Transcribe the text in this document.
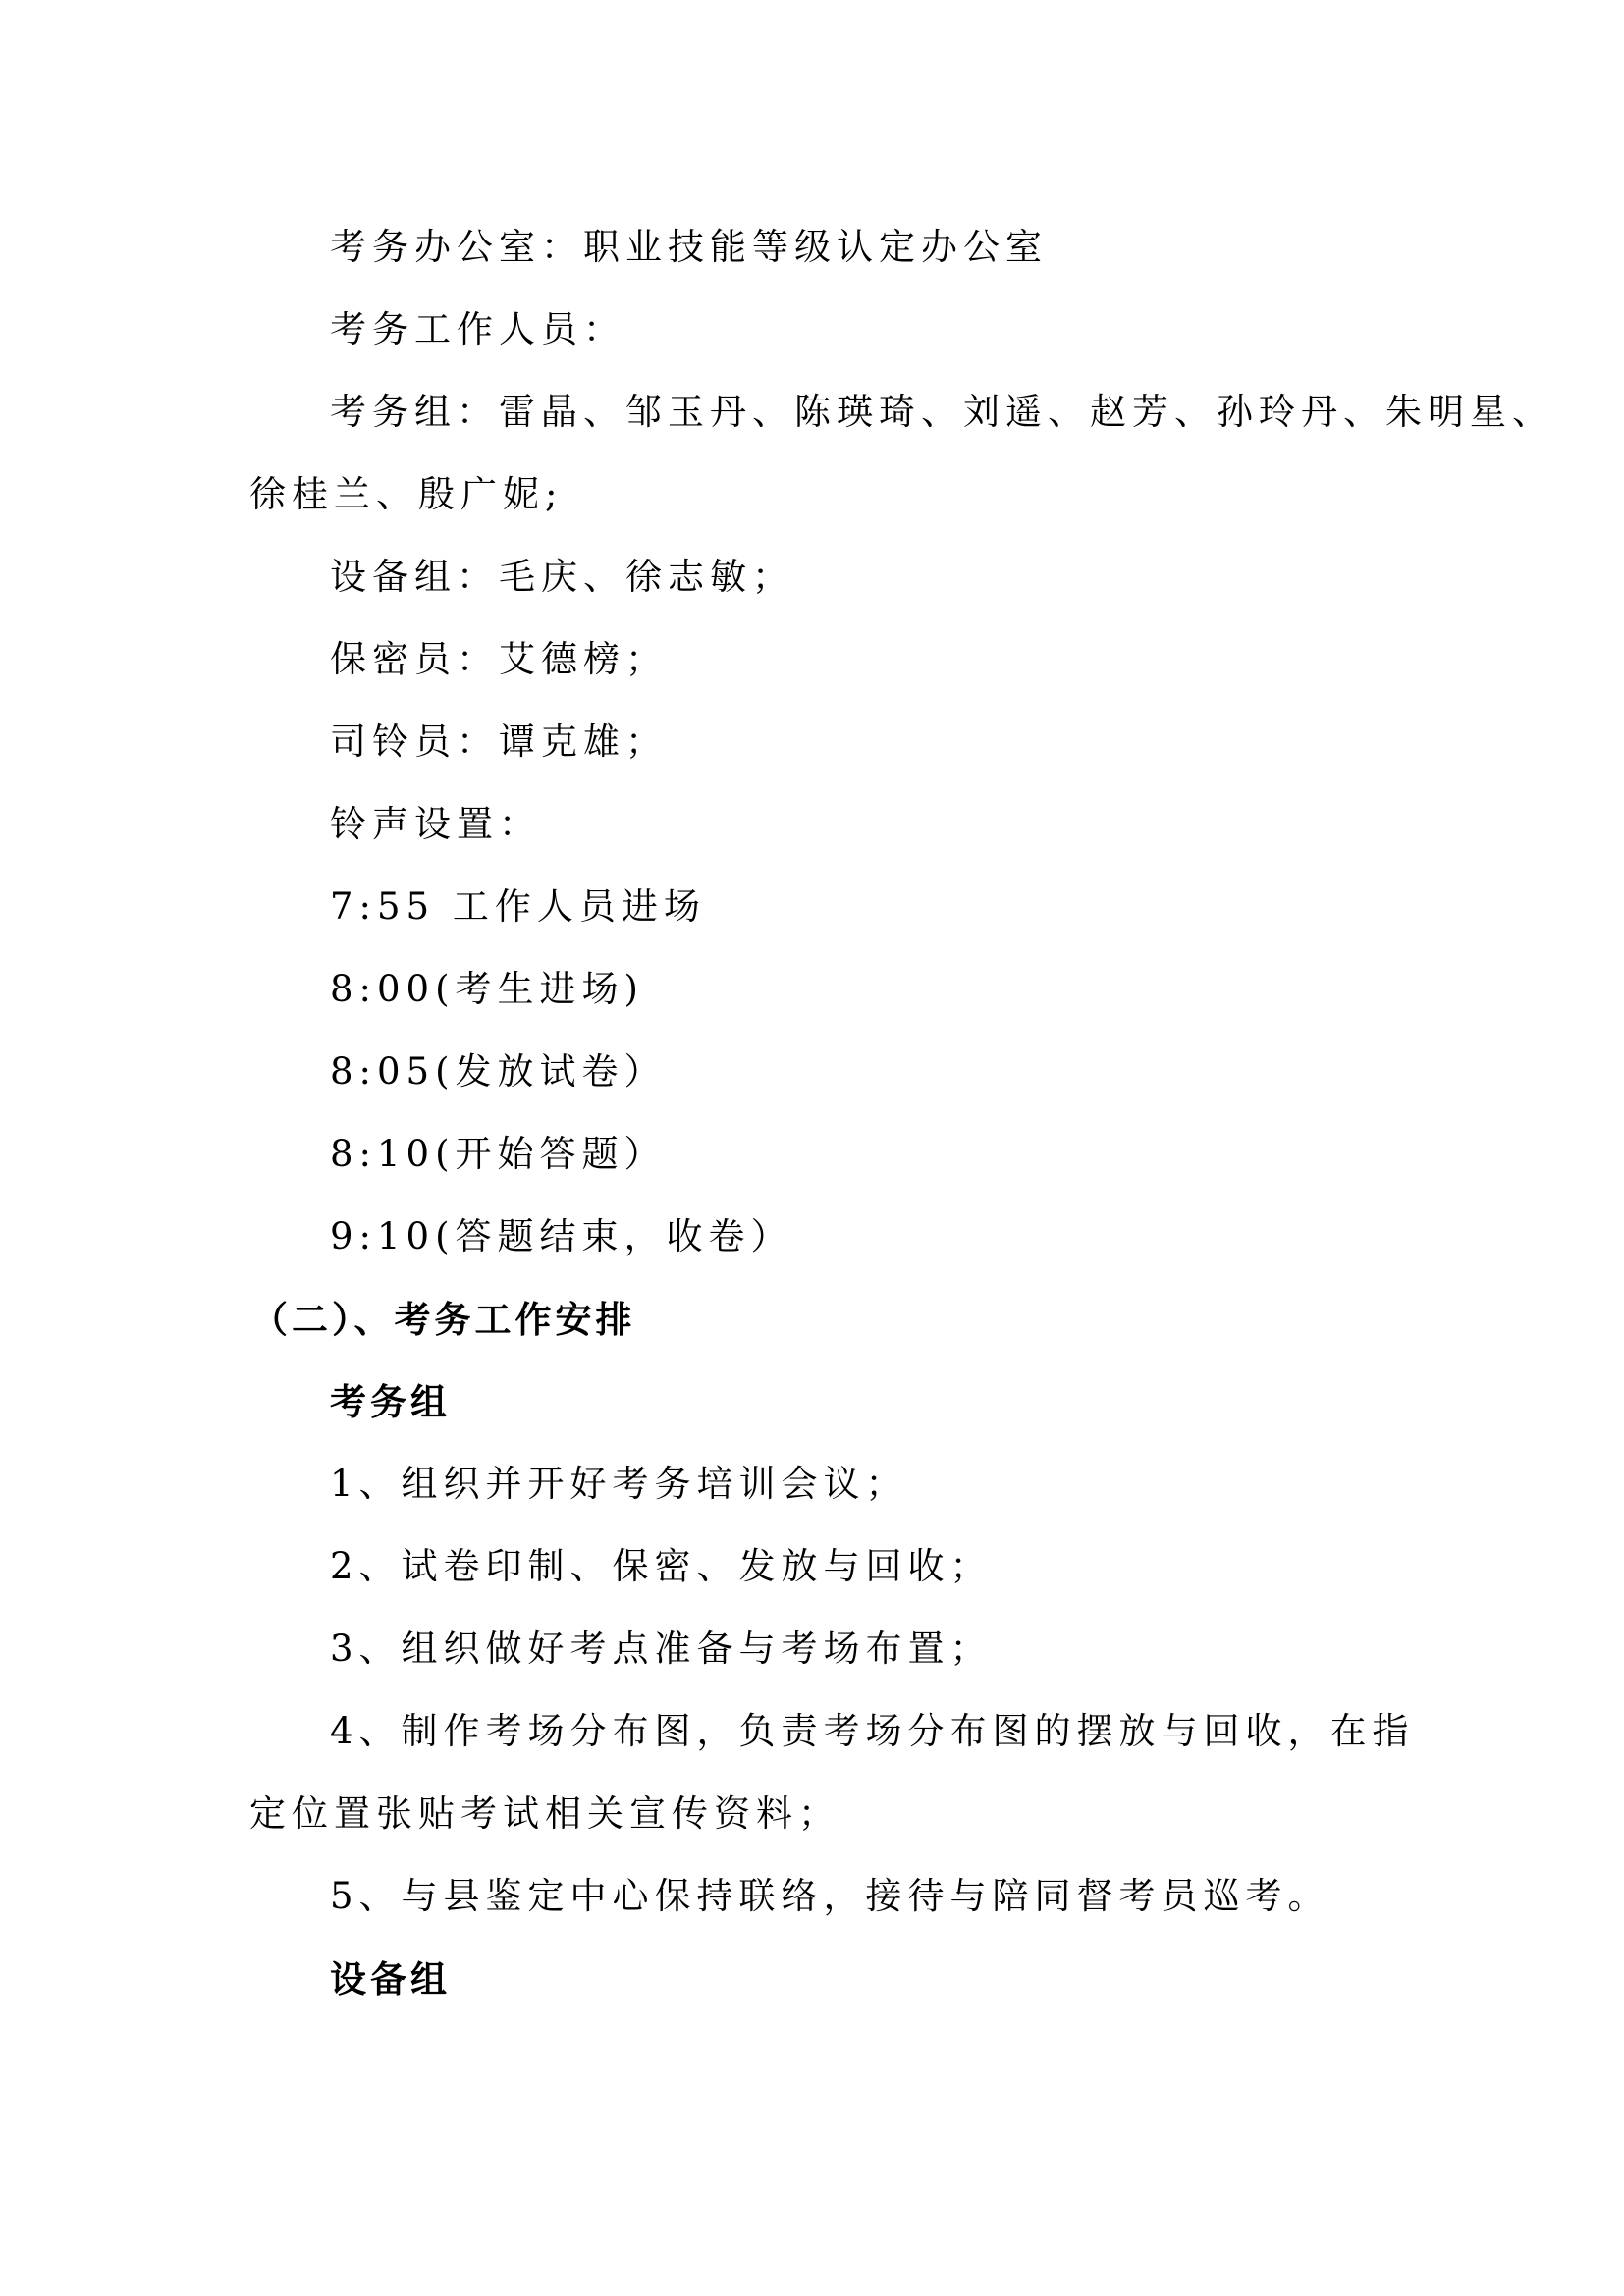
考务办公室：职业技能等级认定办公室
考务工作人员：
考务组：雷晶、邹玉丹、陈瑛琦、刘遥、赵芳、孙玲丹、朱明星、
徐桂兰、殷广妮;
设备组：毛庆、徐志敏；
保密员：艾德榜；
司铃员：谭克雄；
铃声设置：
7:55 工作人员进场
8:00(考生进场)
8:05(发放试卷）
8:10(开始答题）
9:10(答题结束，收卷）
（二）、考务工作安排
考务组
1、组织并开好考务培训会议；
2、试卷印制、保密、发放与回收；
3、组织做好考点准备与考场布置；
4、制作考场分布图，负责考场分布图的摆放与回收，在指
定位置张贴考试相关宣传资料；
5、与县鉴定中心保持联络，接待与陪同督考员巡考。
设备组
